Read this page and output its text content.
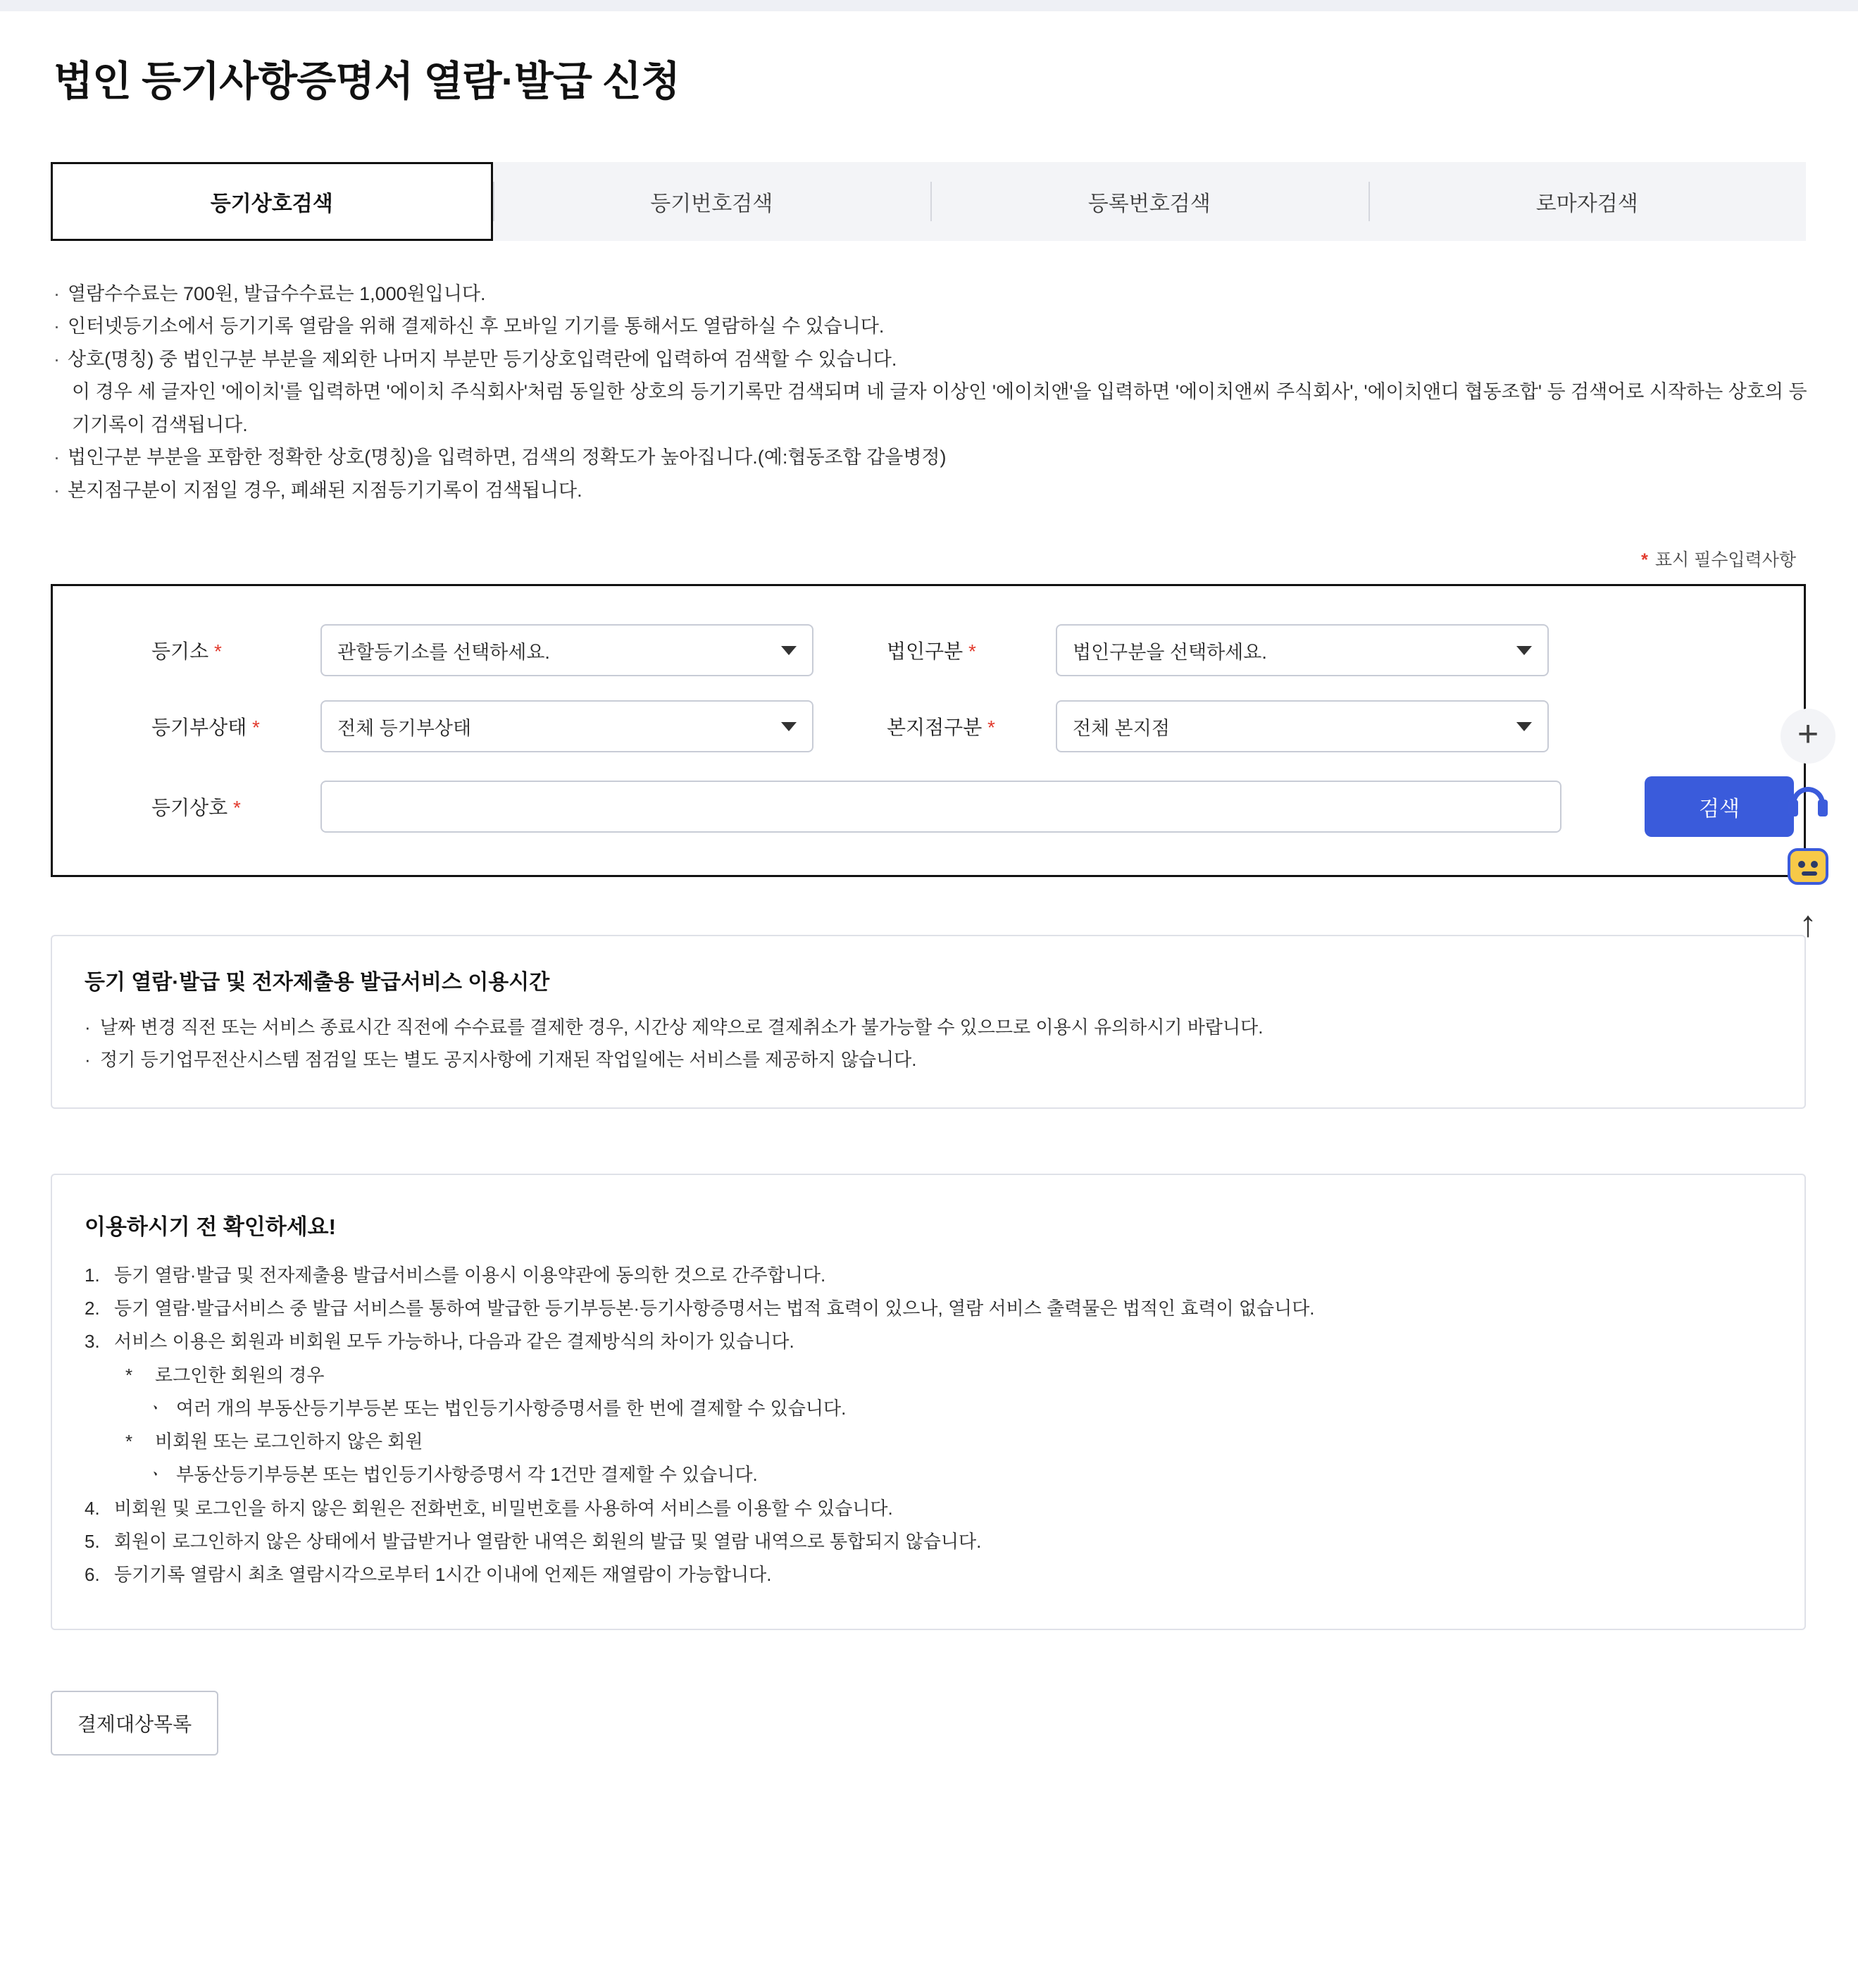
법인 등기사항증명서 열람·발급 신청
등기상호검색	등기번호검색	등록번호검색	로마자검색
· 열람수수료는 700원, 발급수수료는 1,000원입니다.
· 인터넷등기소에서 등기기록 열람을 위해 결제하신 후 모바일 기기를 통해서도 열람하실 수 있습니다.
· 상호(명칭) 중 법인구분 부분을 제외한 나머지 부분만 등기상호입력란에 입력하여 검색할 수 있습니다.
이 경우 세 글자인 '에이치'를 입력하면 '에이치 주식회사'처럼 동일한 상호의 등기기록만 검색되며 네 글자 이상인 '에이치앤'을 입력하면 '에이치앤씨 주식회사', '에이치앤디 협동조합' 등 검색어로 시작하는 상호의 등기기록이 검색됩니다.
· 법인구분 부분을 포함한 정확한 상호(명칭)을 입력하면, 검색의 정확도가 높아집니다.(예:협동조합 갑을병정)
· 본지점구분이 지점일 경우, 폐쇄된 지점등기기록이 검색됩니다.
* 표시 필수입력사항
등기소 *	관할등기소를 선택하세요.	법인구분 *	법인구분을 선택하세요.
등기부상태 *	전체 등기부상태	본지점구분 *	전체 본지점
등기상호 *	검색
등기 열람·발급 및 전자제출용 발급서비스 이용시간
· 날짜 변경 직전 또는 서비스 종료시간 직전에 수수료를 결제한 경우, 시간상 제약으로 결제취소가 불가능할 수 있으므로 이용시 유의하시기 바랍니다.
· 정기 등기업무전산시스템 점검일 또는 별도 공지사항에 기재된 작업일에는 서비스를 제공하지 않습니다.
이용하시기 전 확인하세요!
1. 등기 열람·발급 및 전자제출용 발급서비스를 이용시 이용약관에 동의한 것으로 간주합니다.
2. 등기 열람·발급서비스 중 발급 서비스를 통하여 발급한 등기부등본·등기사항증명서는 법적 효력이 있으나, 열람 서비스 출력물은 법적인 효력이 없습니다.
3. 서비스 이용은 회원과 비회원 모두 가능하나, 다음과 같은 결제방식의 차이가 있습니다.
*	로그인한 회원의 경우
ㆍ 여러 개의 부동산등기부등본 또는 법인등기사항증명서를 한 번에 결제할 수 있습니다.
*	비회원 또는 로그인하지 않은 회원
ㆍ 부동산등기부등본 또는 법인등기사항증명서 각 1건만 결제할 수 있습니다.
4. 비회원 및 로그인을 하지 않은 회원은 전화번호, 비밀번호를 사용하여 서비스를 이용할 수 있습니다.
5. 회원이 로그인하지 않은 상태에서 발급받거나 열람한 내역은 회원의 발급 및 열람 내역으로 통합되지 않습니다.
6. 등기기록 열람시 최초 열람시각으로부터 1시간 이내에 언제든 재열람이 가능합니다.
결제대상목록
+
↑
